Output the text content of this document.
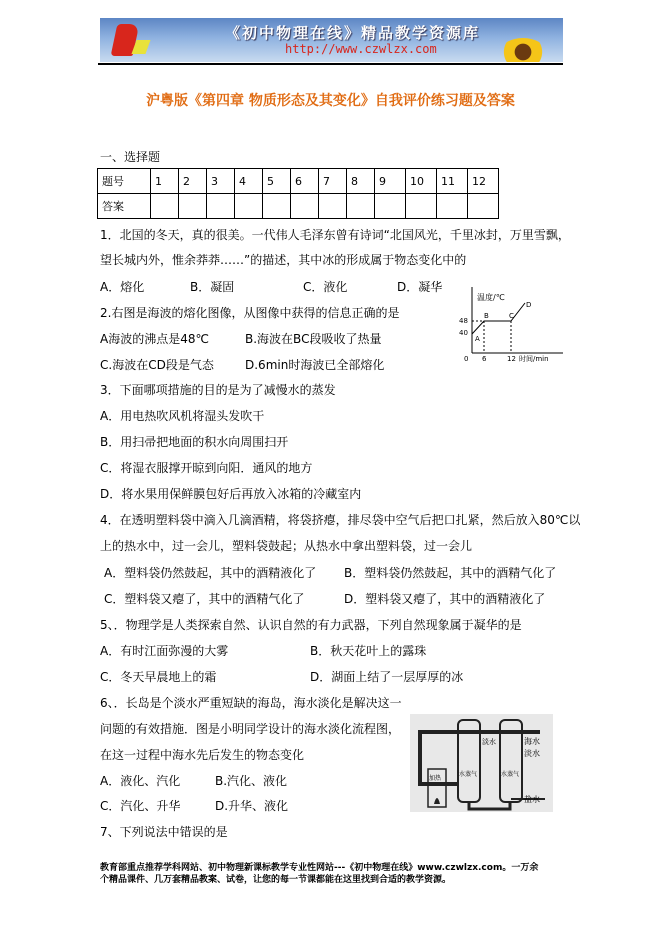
《初中物理在线》精品教学资源库
http://www.czwlzx.com
沪粤版《第四章 物质形态及其变化》自我评价练习题及答案
一、选择题
题号	1	2	3	4	5	6	7	8	9	10	11	12
答案												
1．北国的冬天，真的很美。一代伟人毛泽东曾有诗词“北国风光，千里冰封，万里雪飘，
望长城内外，惟余莽莽……”的描述，其中冰的形成属于物态变化中的
A．熔化	B．凝固	C．液化	D．凝华
2.右图是海波的熔化图像，从图像中获得的信息正确的是
A海波的沸点是48℃	B.海波在BC段吸收了热量
C.海波在CD段是气态	D.6min时海波已全部熔化
温度/℃
48
40
0 6	12 时间/min
A
B	C
D
3．下面哪项措施的目的是为了减慢水的蒸发
A．用电热吹风机将湿头发吹干
B．用扫帚把地面的积水向周围扫开
C．将湿衣服撑开晾到向阳．通风的地方
D．将水果用保鲜膜包好后再放入冰箱的冷藏室内
4．在透明塑料袋中滴入几滴酒精，将袋挤瘪，排尽袋中空气后把口扎紧，然后放入80℃以
上的热水中，过一会儿，塑料袋鼓起；从热水中拿出塑料袋，过一会儿
A．塑料袋仍然鼓起，其中的酒精液化了 B．塑料袋仍然鼓起，其中的酒精气化了
C．塑料袋又瘪了，其中的酒精气化了	D．塑料袋又瘪了，其中的酒精液化了
5、．物理学是人类探索自然、认识自然的有力武器，下列自然现象属于凝华的是
A．有时江面弥漫的大雾	B．秋天花叶上的露珠
C．冬天早晨地上的霜	D．湖面上结了一层厚厚的冰
6、．长岛是个淡水严重短缺的海岛，海水淡化是解决这一
问题的有效措施．图是小明同学设计的海水淡化流程图，
在这一过程中海水先后发生的物态变化
A．液化、汽化	B.汽化、液化
C．汽化、升华	D.升华、液化
海水
淡水
盐水
淡水
水蒸气	水蒸气
加热
7、下列说法中错误的是
教育部重点推荐学科网站、初中物理新课标教学专业性网站---《初中物理在线》www.czwlzx.com。一万余
个精品课件、几万套精品教案、试卷，让您的每一节课都能在这里找到合适的教学资源。
